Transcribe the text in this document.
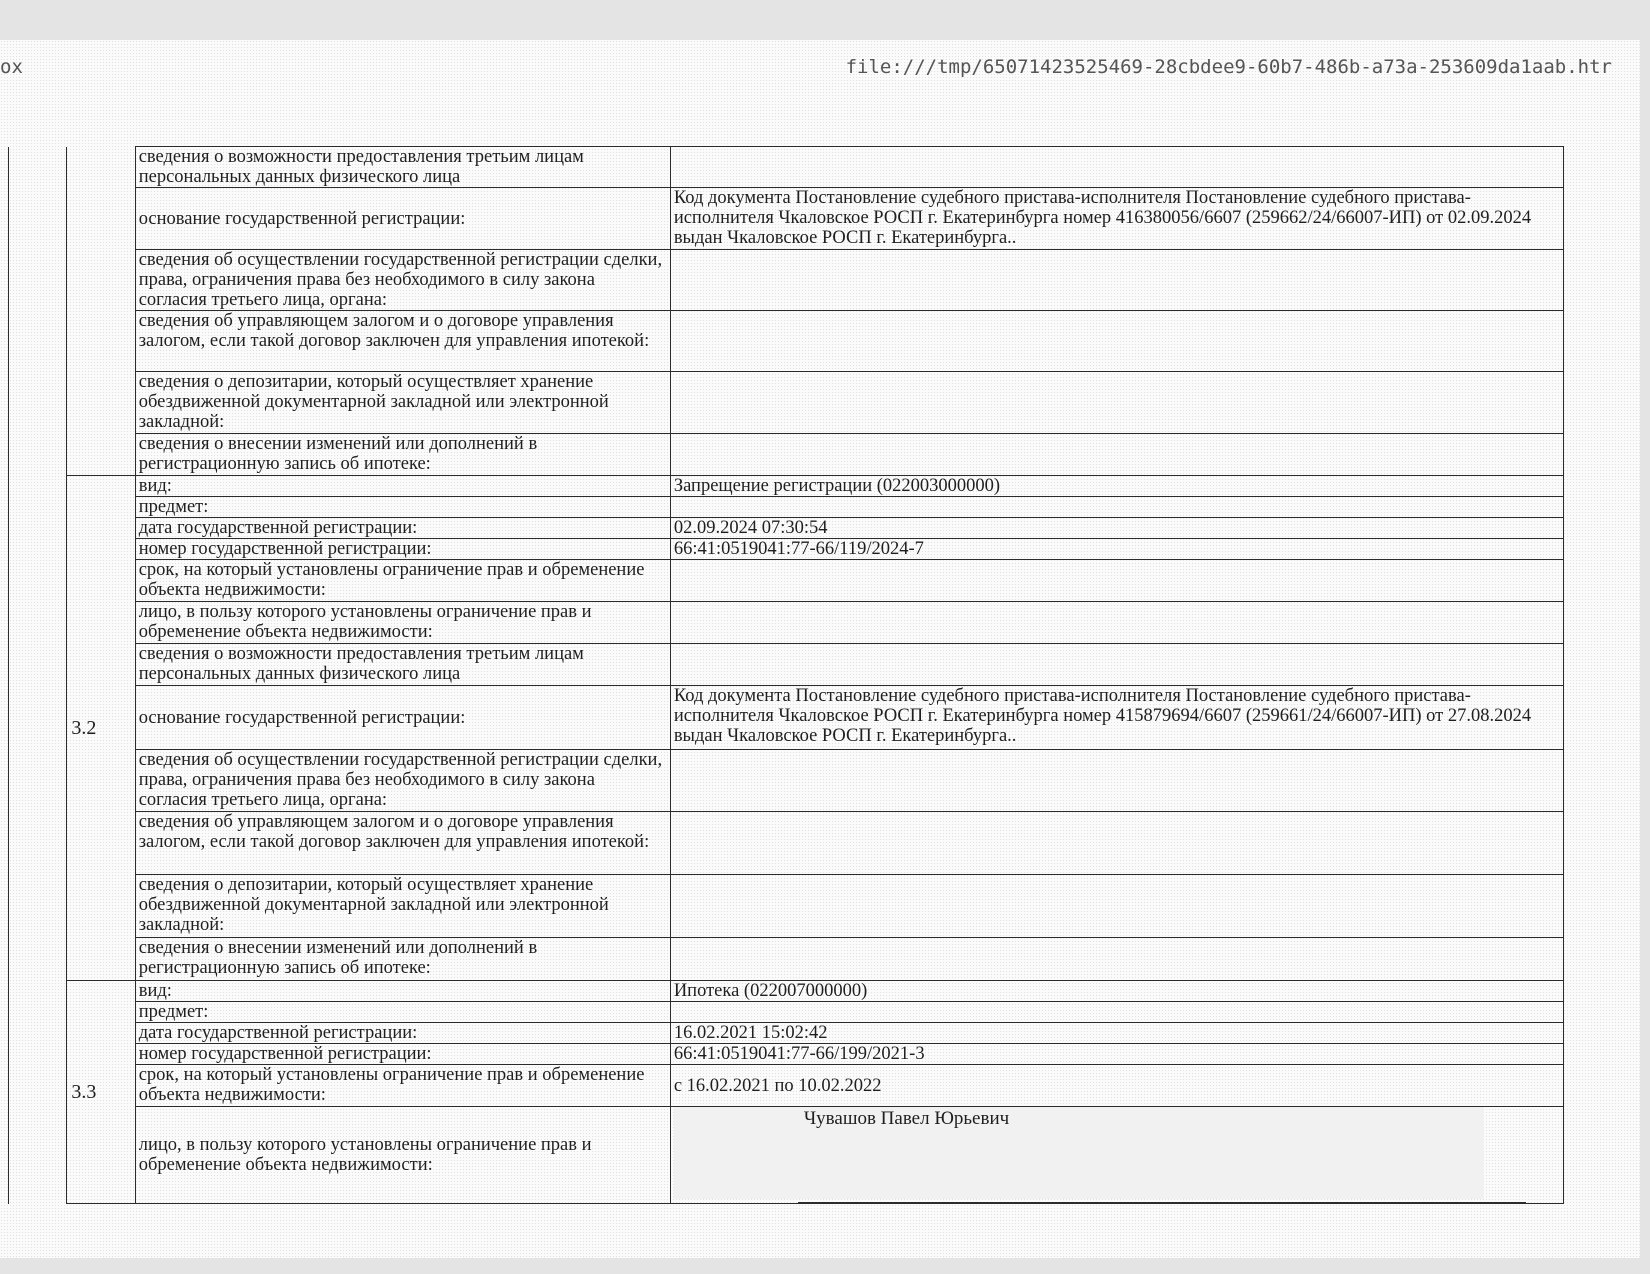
ох	file:///tmp/65071423525469-28cbdee9-60b7-486b-a73a-253609da1aab.htr
		сведения о возможности предоставления третьим лицам персональных данных физического лица	
		основание государственной регистрации:	Код документа Постановление судебного пристава-исполнителя Постановление судебного пристава-исполнителя Чкаловское РОСП г. Екатеринбурга номер 416380056/6607 (259662/24/66007-ИП) от 02.09.2024 выдан Чкаловское РОСП г. Екатеринбурга..
		сведения об осуществлении государственной регистрации сделки, права, ограничения права без необходимого в силу закона согласия третьего лица, органа:	
		сведения об управляющем залогом и о договоре управления залогом, если такой договор заключен для управления ипотекой:	
		сведения о депозитарии, который осуществляет хранение обездвиженной документарной закладной или электронной закладной:	
		сведения о внесении изменений или дополнений в регистрационную запись об ипотеке:	
	3.2	вид:	Запрещение регистрации (022003000000)
		предмет:	
		дата государственной регистрации:	02.09.2024 07:30:54
		номер государственной регистрации:	66:41:0519041:77-66/119/2024-7
		срок, на который установлены ограничение прав и обременение объекта недвижимости:	
		лицо, в пользу которого установлены ограничение прав и обременение объекта недвижимости:	
		сведения о возможности предоставления третьим лицам персональных данных физического лица	
		основание государственной регистрации:	Код документа Постановление судебного пристава-исполнителя Постановление судебного пристава-исполнителя Чкаловское РОСП г. Екатеринбурга номер 415879694/6607 (259661/24/66007-ИП) от 27.08.2024 выдан Чкаловское РОСП г. Екатеринбурга..
		сведения об осуществлении государственной регистрации сделки, права, ограничения права без необходимого в силу закона согласия третьего лица, органа:	
		сведения об управляющем залогом и о договоре управления залогом, если такой договор заключен для управления ипотекой:	
		сведения о депозитарии, который осуществляет хранение обездвиженной документарной закладной или электронной закладной:	
		сведения о внесении изменений или дополнений в регистрационную запись об ипотеке:	
	3.3	вид:	Ипотека (022007000000)
		предмет:	
		дата государственной регистрации:	16.02.2021 15:02:42
		номер государственной регистрации:	66:41:0519041:77-66/199/2021-3
		срок, на который установлены ограничение прав и обременение объекта недвижимости:	с 16.02.2021 по 10.02.2022
		лицо, в пользу которого установлены ограничение прав и обременение объекта недвижимости:	Чувашов Павел Юрьевич
